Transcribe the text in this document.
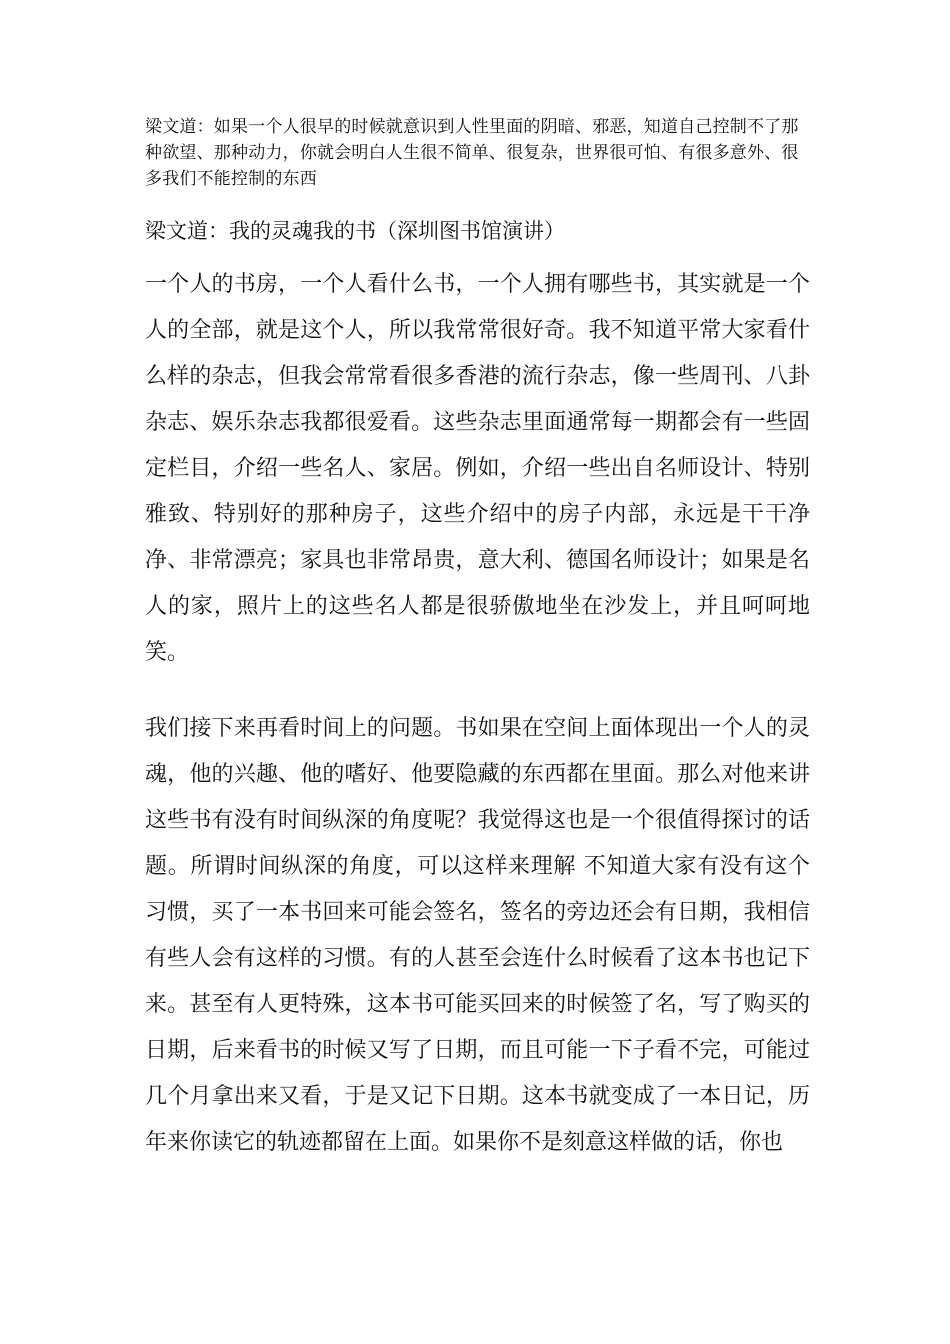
梁文道：如果一个人很早的时候就意识到人性里面的阴暗、邪恶，知道自己控制不了那种欲望、那种动力，你就会明白人生很不简单、很复杂，世界很可怕、有很多意外、很多我们不能控制的东西

梁文道：我的灵魂我的书（深圳图书馆演讲）

一个人的书房，一个人看什么书，一个人拥有哪些书，其实就是一个人的全部，就是这个人，所以我常常很好奇。我不知道平常大家看什么样的杂志，但我会常常看很多香港的流行杂志，像一些周刊、八卦杂志、娱乐杂志我都很爱看。这些杂志里面通常每一期都会有一些固定栏目，介绍一些名人、家居。例如，介绍一些出自名师设计、特别雅致、特别好的那种房子，这些介绍中的房子内部，永远是干干净净、非常漂亮；家具也非常昂贵，意大利、德国名师设计；如果是名人的家，照片上的这些名人都是很骄傲地坐在沙发上，并且呵呵地笑。

我们接下来再看时间上的问题。书如果在空间上面体现出一个人的灵魂，他的兴趣、他的嗜好、他要隐藏的东西都在里面。那么对他来讲这些书有没有时间纵深的角度呢？我觉得这也是一个很值得探讨的话题。所谓时间纵深的角度，可以这样来理解 不知道大家有没有这个习惯，买了一本书回来可能会签名，签名的旁边还会有日期，我相信有些人会有这样的习惯。有的人甚至会连什么时候看了这本书也记下来。甚至有人更特殊，这本书可能买回来的时候签了名，写了购买的日期，后来看书的时候又写了日期，而且可能一下子看不完，可能过几个月拿出来又看，于是又记下日期。这本书就变成了一本日记，历年来你读它的轨迹都留在上面。如果你不是刻意这样做的话，你也
